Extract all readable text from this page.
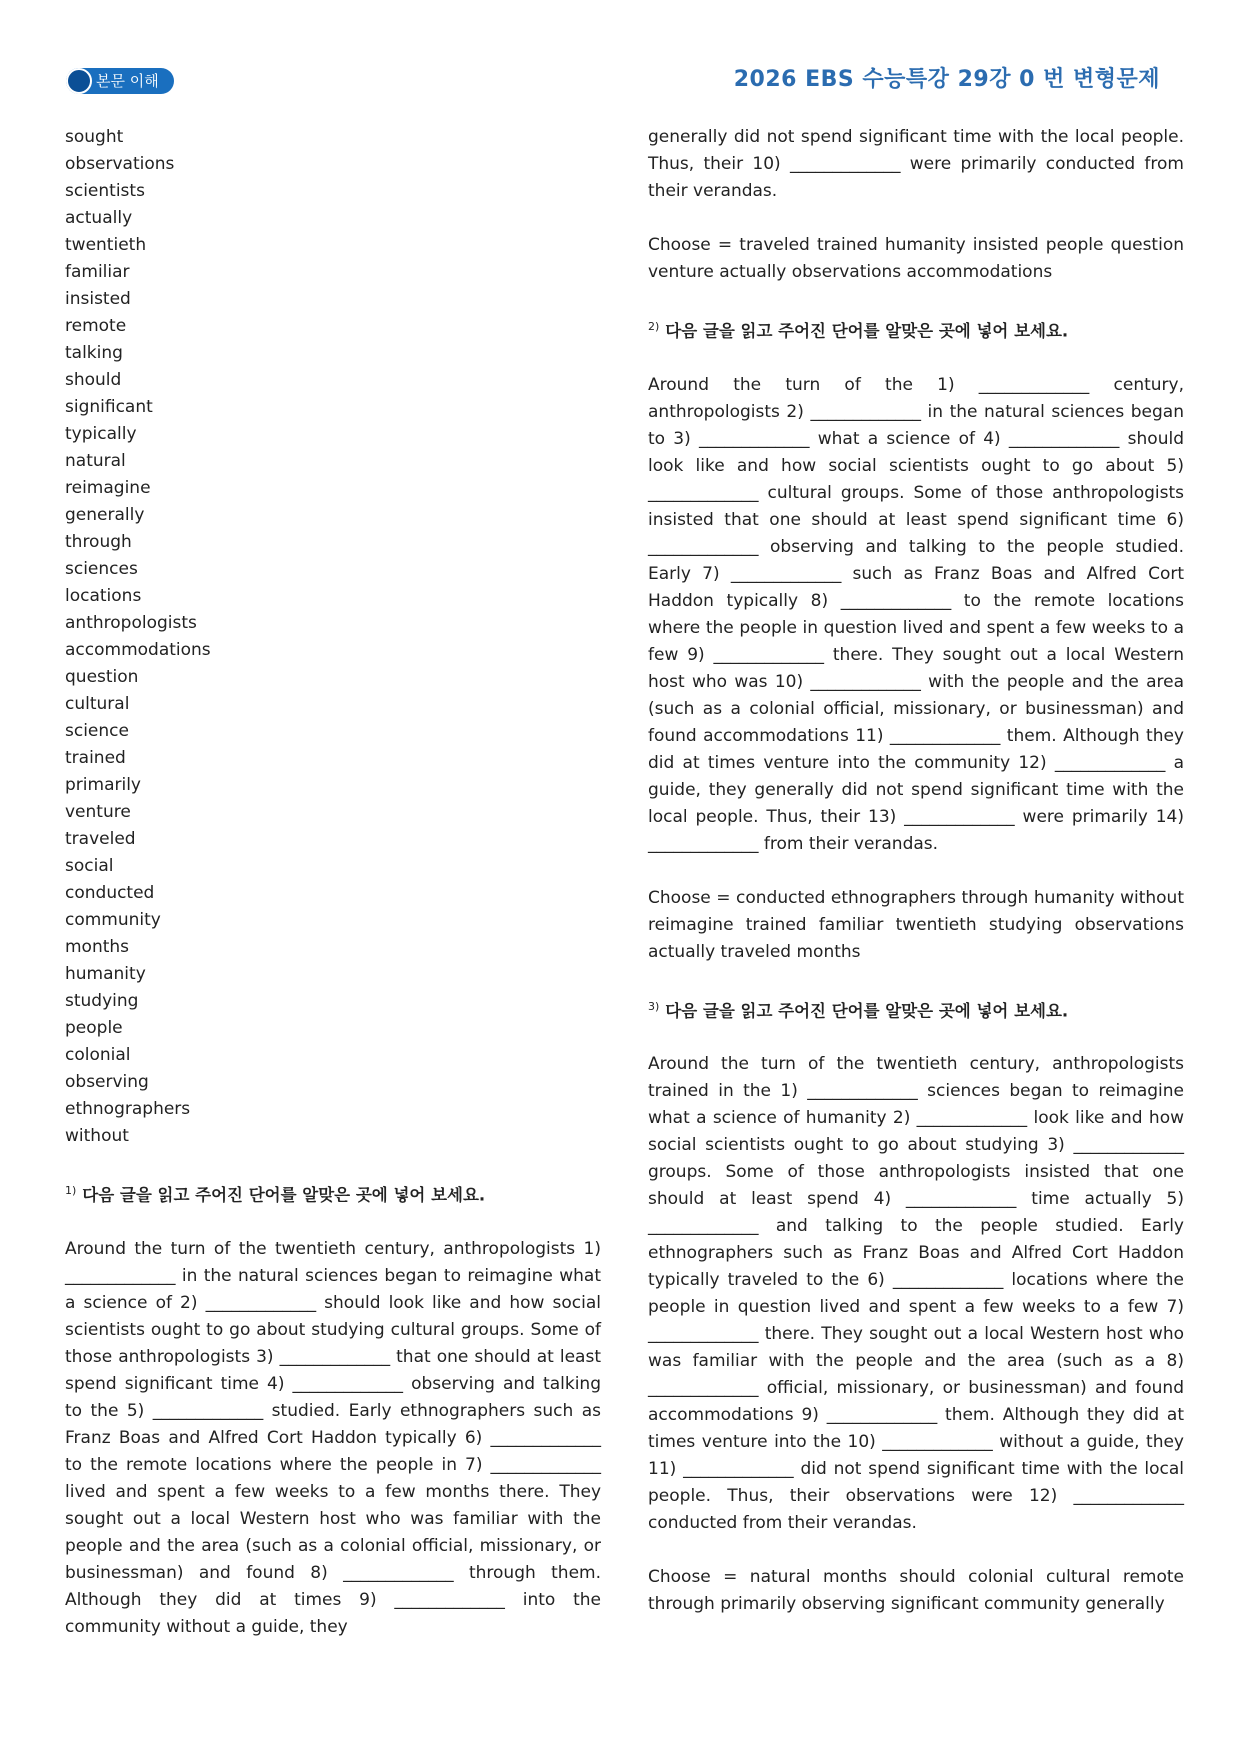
본문 이해	2026 EBS 수능특강 29강 0 번 변형문제
sought
observations
scientists
actually
twentieth
familiar
insisted
remote
talking
should
significant
typically
natural
reimagine
generally
through
sciences
locations
anthropologists
accommodations
question
cultural
science
trained
primarily
venture
traveled
social
conducted
community
months
humanity
studying
people
colonial
observing
ethnographers
without
$^{1)}$ 다음 글을 읽고 주어진 단어를 알맞은 곳에 넣어 보세요.

Around the turn of the twentieth century, anthropologists 1) _____________ in the natural sciences began to reimagine what a science of 2) _____________ should look like and how social scientists ought to go about studying cultural groups. Some of those anthropologists 3) _____________ that one should at least spend significant time 4) _____________ observing and talking to the 5) _____________ studied. Early ethnographers such as Franz Boas and Alfred Cort Haddon typically 6) _____________ to the remote locations where the people in 7) _____________ lived and spent a few weeks to a few months there. They sought out a local Western host who was familiar with the people and the area (such as a colonial official, missionary, or businessman) and found 8) _____________ through them. Although they did at times 9) _____________ into the community without a guide, they

generally did not spend significant time with the local people. Thus, their 10) _____________ were primarily conducted from their verandas.

Choose = traveled trained humanity insisted people question venture actually observations accommodations

$^{2)}$ 다음 글을 읽고 주어진 단어를 알맞은 곳에 넣어 보세요.

Around the turn of the 1) _____________ century, anthropologists 2) _____________ in the natural sciences began to 3) _____________ what a science of 4) _____________ should look like and how social scientists ought to go about 5) _____________ cultural groups. Some of those anthropologists insisted that one should at least spend significant time 6) _____________ observing and talking to the people studied. Early 7) _____________ such as Franz Boas and Alfred Cort Haddon typically 8) _____________ to the remote locations where the people in question lived and spent a few weeks to a few 9) _____________ there. They sought out a local Western host who was 10) _____________ with the people and the area (such as a colonial official, missionary, or businessman) and found accommodations 11) _____________ them. Although they did at times venture into the community 12) _____________ a guide, they generally did not spend significant time with the local people. Thus, their 13) _____________ were primarily 14) _____________ from their verandas.

Choose = conducted ethnographers through humanity without reimagine trained familiar twentieth studying observations actually traveled months

$^{3)}$ 다음 글을 읽고 주어진 단어를 알맞은 곳에 넣어 보세요.

Around the turn of the twentieth century, anthropologists trained in the 1) _____________ sciences began to reimagine what a science of humanity 2) _____________ look like and how social scientists ought to go about studying 3) _____________ groups. Some of those anthropologists insisted that one should at least spend 4) _____________ time actually 5) _____________ and talking to the people studied. Early ethnographers such as Franz Boas and Alfred Cort Haddon typically traveled to the 6) _____________ locations where the people in question lived and spent a few weeks to a few 7) _____________ there. They sought out a local Western host who was familiar with the people and the area (such as a 8) _____________ official, missionary, or businessman) and found accommodations 9) _____________ them. Although they did at times venture into the 10) _____________ without a guide, they 11) _____________ did not spend significant time with the local people. Thus, their observations were 12) _____________ conducted from their verandas.

Choose = natural months should colonial cultural remote through primarily observing significant community generally
